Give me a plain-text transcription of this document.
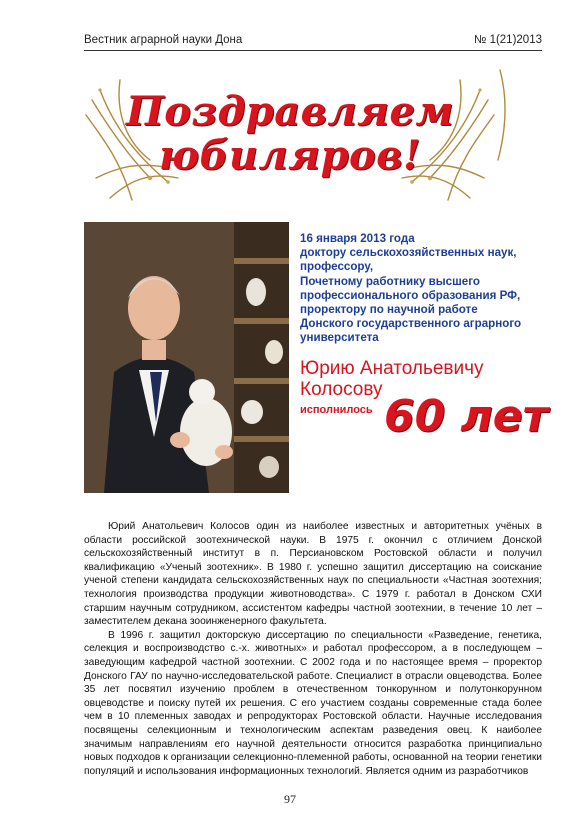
Вестник аграрной науки Дона	№ 1(21)2013
Поздравляем
юбиляров!
16 января 2013 года
доктору сельскохозяйственных наук,
профессору,
Почетному работнику высшего
профессионального образования РФ,
проректору по научной работе
Донского государственного аграрного
университета
Юрию Анатольевичу
Колосову
исполнилось 60 лет

Юрий Анатольевич Колосов один из наиболее известных и авторитетных учёных в области российской зоотехнической науки. В 1975 г. окончил с отличием Донской сельскохозяйственный институт в п. Персиановском Ростовской области и получил квалификацию «Ученый зоотехник». В 1980 г. успешно защитил диссертацию на соискание ученой степени кандидата сельскохозяйственных наук по специальности «Частная зоотехния; технология производства продукции животноводства». С 1979 г. работал в Донском СХИ старшим научным сотрудником, ассистентом кафедры частной зоотехнии, в течение 10 лет – заместителем декана зооинженерного факультета.

В 1996 г. защитил докторскую диссертацию по специальности «Разведение, генетика, селекция и воспроизводство с.-х. животных» и работал профессором, а в последующем – заведующим кафедрой частной зоотехнии. С 2002 года и по настоящее время – проректор Донского ГАУ по научно-исследовательской работе. Специалист в отрасли овцеводства. Более 35 лет посвятил изучению проблем в отечественном тонкорунном и полутонкорунном овцеводстве и поиску путей их решения. С его участием созданы современные стада более чем в 10 племенных заводах и репродукторах Ростовской области. Научные исследования посвящены селекционным и технологическим аспектам разведения овец. К наиболее значимым направлениям его научной деятельности относится разработка принципиально новых подходов к организации селекционно-племенной работы, основанной на теории генетики популяций и использования информационных технологий. Является одним из разработчиков

97
